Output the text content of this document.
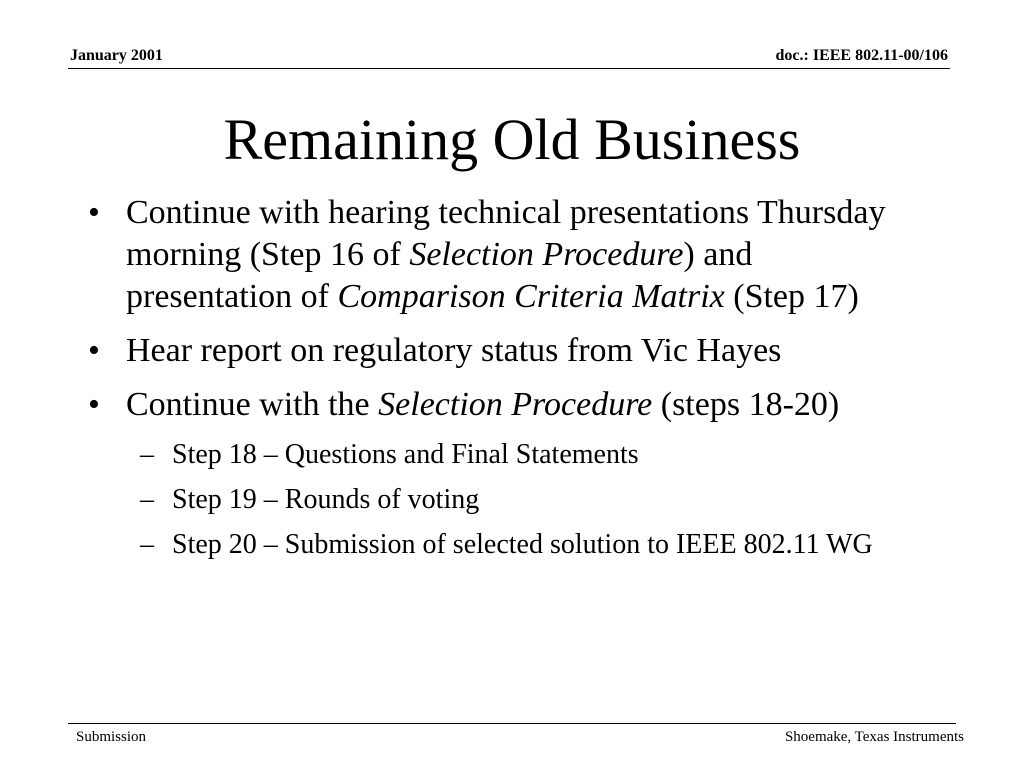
January 2001	doc.: IEEE 802.11-00/106
Remaining Old Business
• Continue with hearing technical presentations Thursday morning (Step 16 of Selection Procedure) and presentation of Comparison Criteria Matrix (Step 17)
• Hear report on regulatory status from Vic Hayes
• Continue with the Selection Procedure (steps 18-20)
– Step 18 – Questions and Final Statements
– Step 19 – Rounds of voting
– Step 20 – Submission of selected solution to IEEE 802.11 WG
Submission	Shoemake, Texas Instruments
